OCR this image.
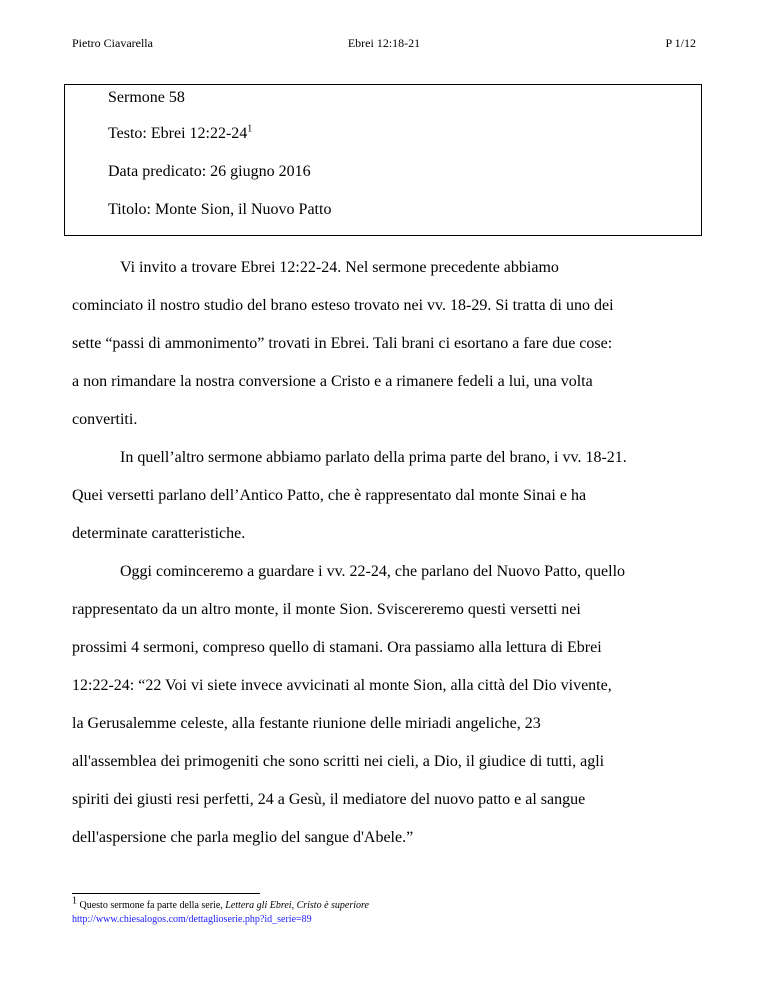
Pietro Ciavarella	Ebrei 12:18-21	P 1/12
Sermone 58
Testo: Ebrei $12:22-24^1$
Data predicato: 26 giugno 2016
Titolo: Monte Sion, il Nuovo Patto

Vi invito a trovare Ebrei 12:22-24. Nel sermone precedente abbiamo
cominciato il nostro studio del brano esteso trovato nei vv. 18-29. Si tratta di uno dei
sette “passi di ammonimento” trovati in Ebrei. Tali brani ci esortano a fare due cose:
a non rimandare la nostra conversione a Cristo e a rimanere fedeli a lui, una volta
convertiti.

In quell’altro sermone abbiamo parlato della prima parte del brano, i vv. 18-21.
Quei versetti parlano dell’Antico Patto, che è rappresentato dal monte Sinai e ha
determinate caratteristiche.

Oggi cominceremo a guardare i vv. 22-24, che parlano del Nuovo Patto, quello
rappresentato da un altro monte, il monte Sion. Sviscereremo questi versetti nei
prossimi 4 sermoni, compreso quello di stamani. Ora passiamo alla lettura di Ebrei
12:22-24: “22 Voi vi siete invece avvicinati al monte Sion, alla città del Dio vivente,
la Gerusalemme celeste, alla festante riunione delle miriadi angeliche, 23
all'assemblea dei primogeniti che sono scritti nei cieli, a Dio, il giudice di tutti, agli
spiriti dei giusti resi perfetti, 24 a Gesù, il mediatore del nuovo patto e al sangue
dell'aspersione che parla meglio del sangue d'Abele.”

$^1$ Questo sermone fa parte della serie, Lettera gli Ebrei, Cristo è superiore
http://www.chiesalogos.com/dettaglioserie.php?id_serie=89
